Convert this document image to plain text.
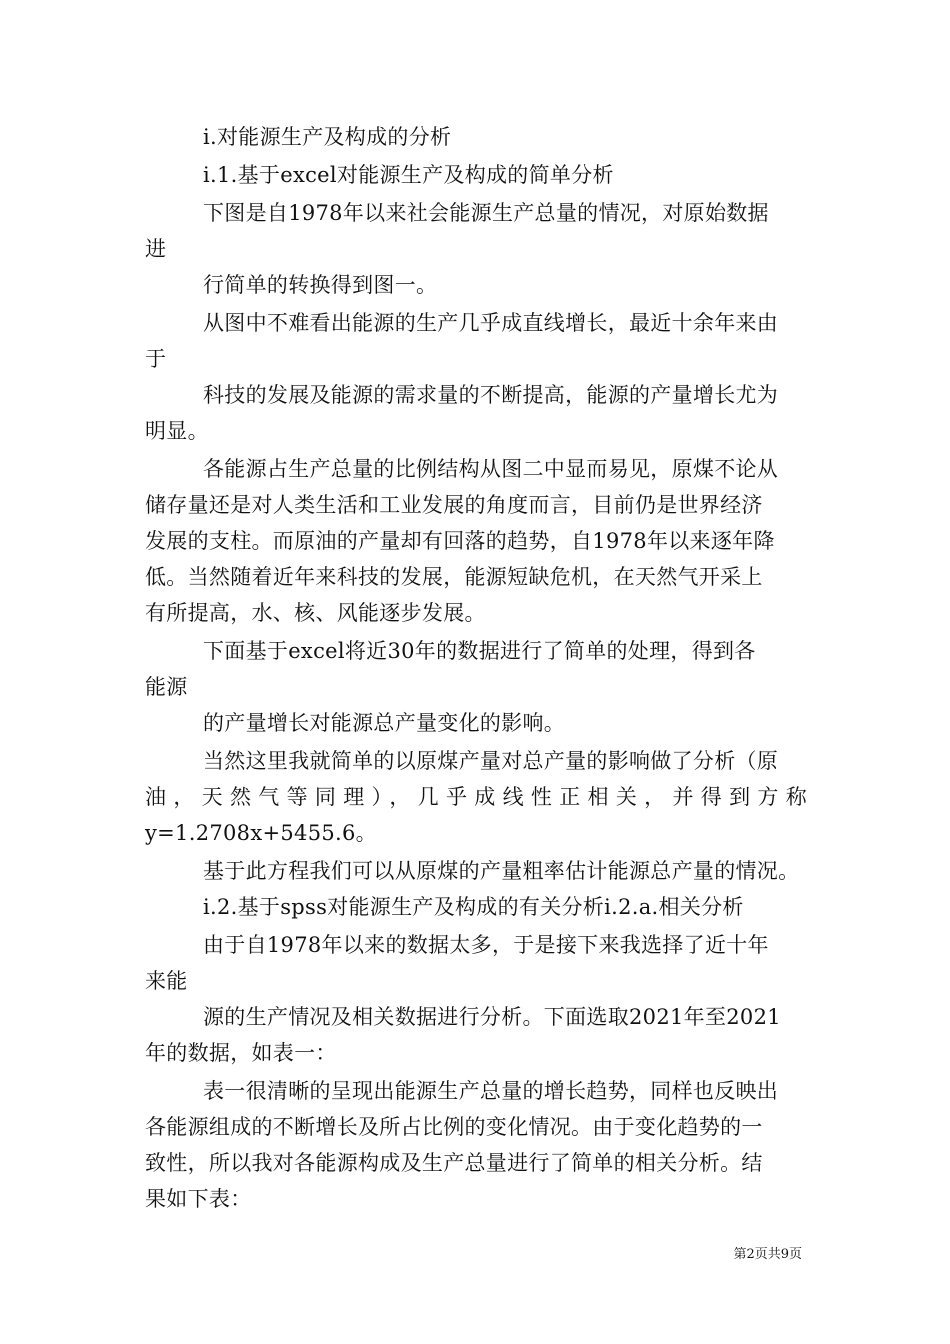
i.对能源生产及构成的分析
i.1.基于excel对能源生产及构成的简单分析
下图是自1978年以来社会能源生产总量的情况，对原始数据
进
行简单的转换得到图一。
从图中不难看出能源的生产几乎成直线增长，最近十余年来由
于
科技的发展及能源的需求量的不断提高，能源的产量增长尤为
明显。
各能源占生产总量的比例结构从图二中显而易见，原煤不论从
储存量还是对人类生活和工业发展的角度而言，目前仍是世界经济
发展的支柱。而原油的产量却有回落的趋势，自1978年以来逐年降
低。当然随着近年来科技的发展，能源短缺危机，在天然气开采上
有所提高，水、核、风能逐步发展。
下面基于excel将近30年的数据进行了简单的处理，得到各
能源
的产量增长对能源总产量变化的影响。
当然这里我就简单的以原煤产量对总产量的影响做了分析（原
油，天然气等同理），几乎成线性正相关，并得到方称
y=1.2708x+5455.6。
基于此方程我们可以从原煤的产量粗率估计能源总产量的情况。
i.2.基于spss对能源生产及构成的有关分析i.2.a.相关分析
由于自1978年以来的数据太多，于是接下来我选择了近十年
来能
源的生产情况及相关数据进行分析。下面选取2021年至2021
年的数据，如表一：
表一很清晰的呈现出能源生产总量的增长趋势，同样也反映出
各能源组成的不断增长及所占比例的变化情况。由于变化趋势的一
致性，所以我对各能源构成及生产总量进行了简单的相关分析。结
果如下表：
第2页共9页
